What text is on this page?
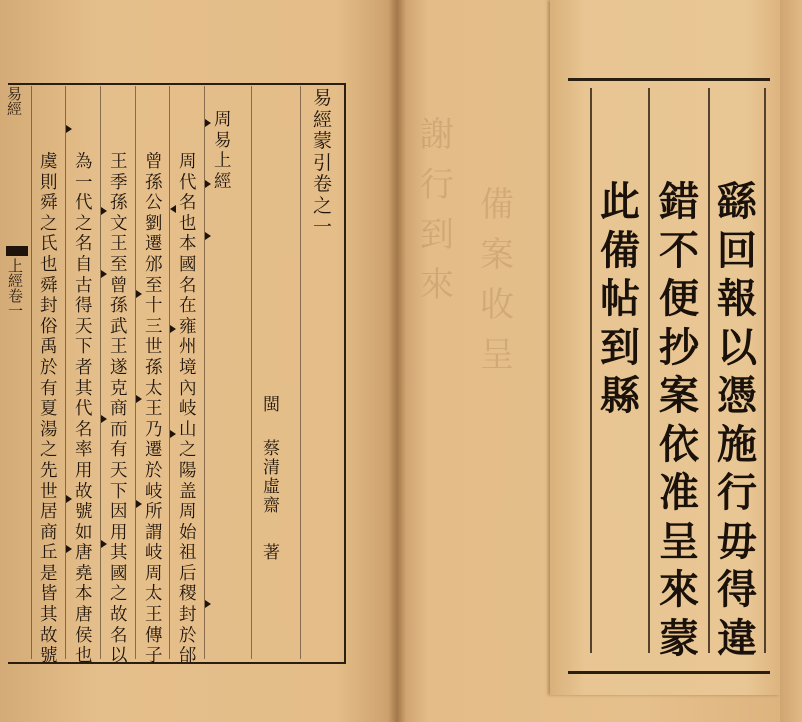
易經
上經卷一
易
經
蒙
引
卷
之
一
閩
蔡
清
虛
齋
著
周
易
上
經
周
代
名
也
本
國
名
在
雍
州
境
內
岐
山
之
陽
盖
周
始
祖
后
稷
封
於
邰
曾
孫
公
劉
遷
邠
至
十
三
世
孫
太
王
乃
遷
於
岐
所
謂
岐
周
太
王
傳
子
王
季
孫
文
王
至
曾
孫
武
王
遂
克
商
而
有
天
下
因
用
其
國
之
故
名
以
為
一
代
之
名
自
古
得
天
下
者
其
代
名
率
用
故
號
如
唐
堯
本
唐
侯
也
虞
則
舜
之
氏
也
舜
封
俗
禹
於
有
夏
湯
之
先
世
居
商
丘
是
皆
其
故
號
謝
行
到
來
備
案
收
呈
繇
回
報
以
憑
施
行
毋
得
違
錯
不
便
抄
案
依
准
呈
來
蒙
此
備
帖
到
縣
